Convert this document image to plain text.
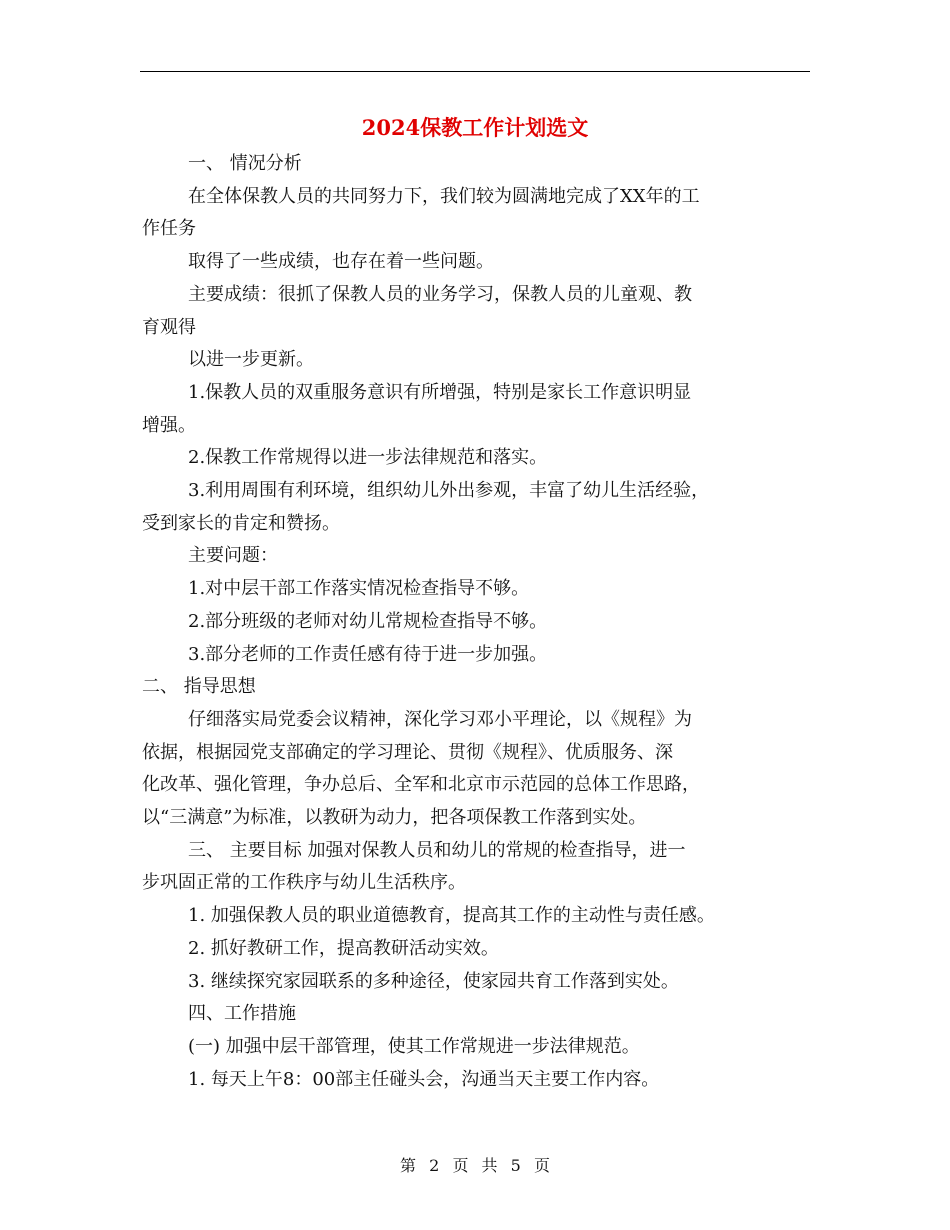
2024保教工作计划选文

一、 情况分析

在全体保教人员的共同努力下，我们较为圆满地完成了XX年的工

作任务

取得了一些成绩，也存在着一些问题。

主要成绩：很抓了保教人员的业务学习，保教人员的儿童观、教

育观得

以进一步更新。

1.保教人员的双重服务意识有所增强，特别是家长工作意识明显

增强。

2.保教工作常规得以进一步法律规范和落实。

3.利用周围有利环境，组织幼儿外出参观，丰富了幼儿生活经验，

受到家长的肯定和赞扬。

主要问题：

1.对中层干部工作落实情况检查指导不够。

2.部分班级的老师对幼儿常规检查指导不够。

3.部分老师的工作责任感有待于进一步加强。

二、 指导思想

仔细落实局党委会议精神，深化学习邓小平理论，以《规程》为

依据，根据园党支部确定的学习理论、贯彻《规程》、优质服务、深

化改革、强化管理，争办总后、全军和北京市示范园的总体工作思路，

以“三满意”为标准，以教研为动力，把各项保教工作落到实处。

三、 主要目标 加强对保教人员和幼儿的常规的检查指导，进一

步巩固正常的工作秩序与幼儿生活秩序。

1. 加强保教人员的职业道德教育，提高其工作的主动性与责任感。

2. 抓好教研工作，提高教研活动实效。

3. 继续探究家园联系的多种途径，使家园共育工作落到实处。

四、工作措施

(一) 加强中层干部管理，使其工作常规进一步法律规范。

1. 每天上午8：00部主任碰头会，沟通当天主要工作内容。

第 2 页 共 5 页
